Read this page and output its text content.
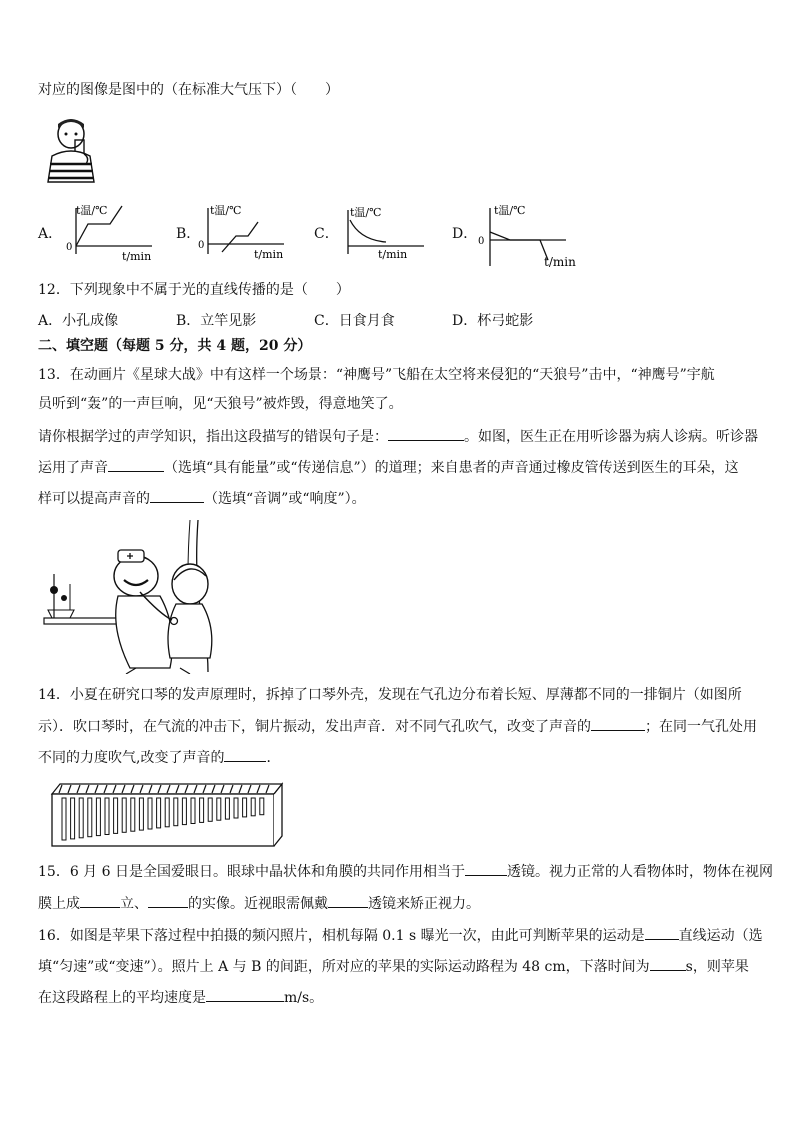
对应的图像是图中的（在标准大气压下）（　　）
A．
t温/℃
0
t/min
B．
t温/℃
0
t/min
C．
t温/℃
t/min
D．
t温/℃
0
t/min
12．下列现象中不属于光的直线传播的是（　　）
A．小孔成像	B．立竿见影	C．日食月食	D．杯弓蛇影
二、填空题（每题 5 分，共 4 题，20 分）
13．在动画片《星球大战》中有这样一个场景：“神鹰号”飞船在太空将来侵犯的“天狼号”击中，“神鹰号”宇航
员听到“轰”的一声巨响，见“天狼号”被炸毁，得意地笑了。
请你根据学过的声学知识，指出这段描写的错误句子是：	。如图，医生正在用听诊器为病人诊病。听诊器
运用了声音	（选填“具有能量”或“传递信息”）的道理；来自患者的声音通过橡皮管传送到医生的耳朵，这
样可以提高声音的	（选填“音调”或“响度”）。
14．小夏在研究口琴的发声原理时，拆掉了口琴外壳，发现在气孔边分布着长短、厚薄都不同的一排铜片（如图所
示）．吹口琴时，在气流的冲击下，铜片振动，发出声音．对不同气孔吹气，改变了声音的	；在同一气孔处用
不同的力度吹气,改变了声音的	．
15．6 月 6 日是全国爱眼日。眼球中晶状体和角膜的共同作用相当于	透镜。视力正常的人看物体时，物体在视网
膜上成	立、	的实像。近视眼需佩戴	透镜来矫正视力。
16．如图是苹果下落过程中拍摄的频闪照片，相机每隔 0.1 s 曝光一次，由此可判断苹果的运动是 直线运动（选
填“匀速”或“变速”）。照片上 A 与 B 的间距，所对应的苹果的实际运动路程为 48 cm，下落时间为	s，则苹果
在这段路程上的平均速度是	m/s。
